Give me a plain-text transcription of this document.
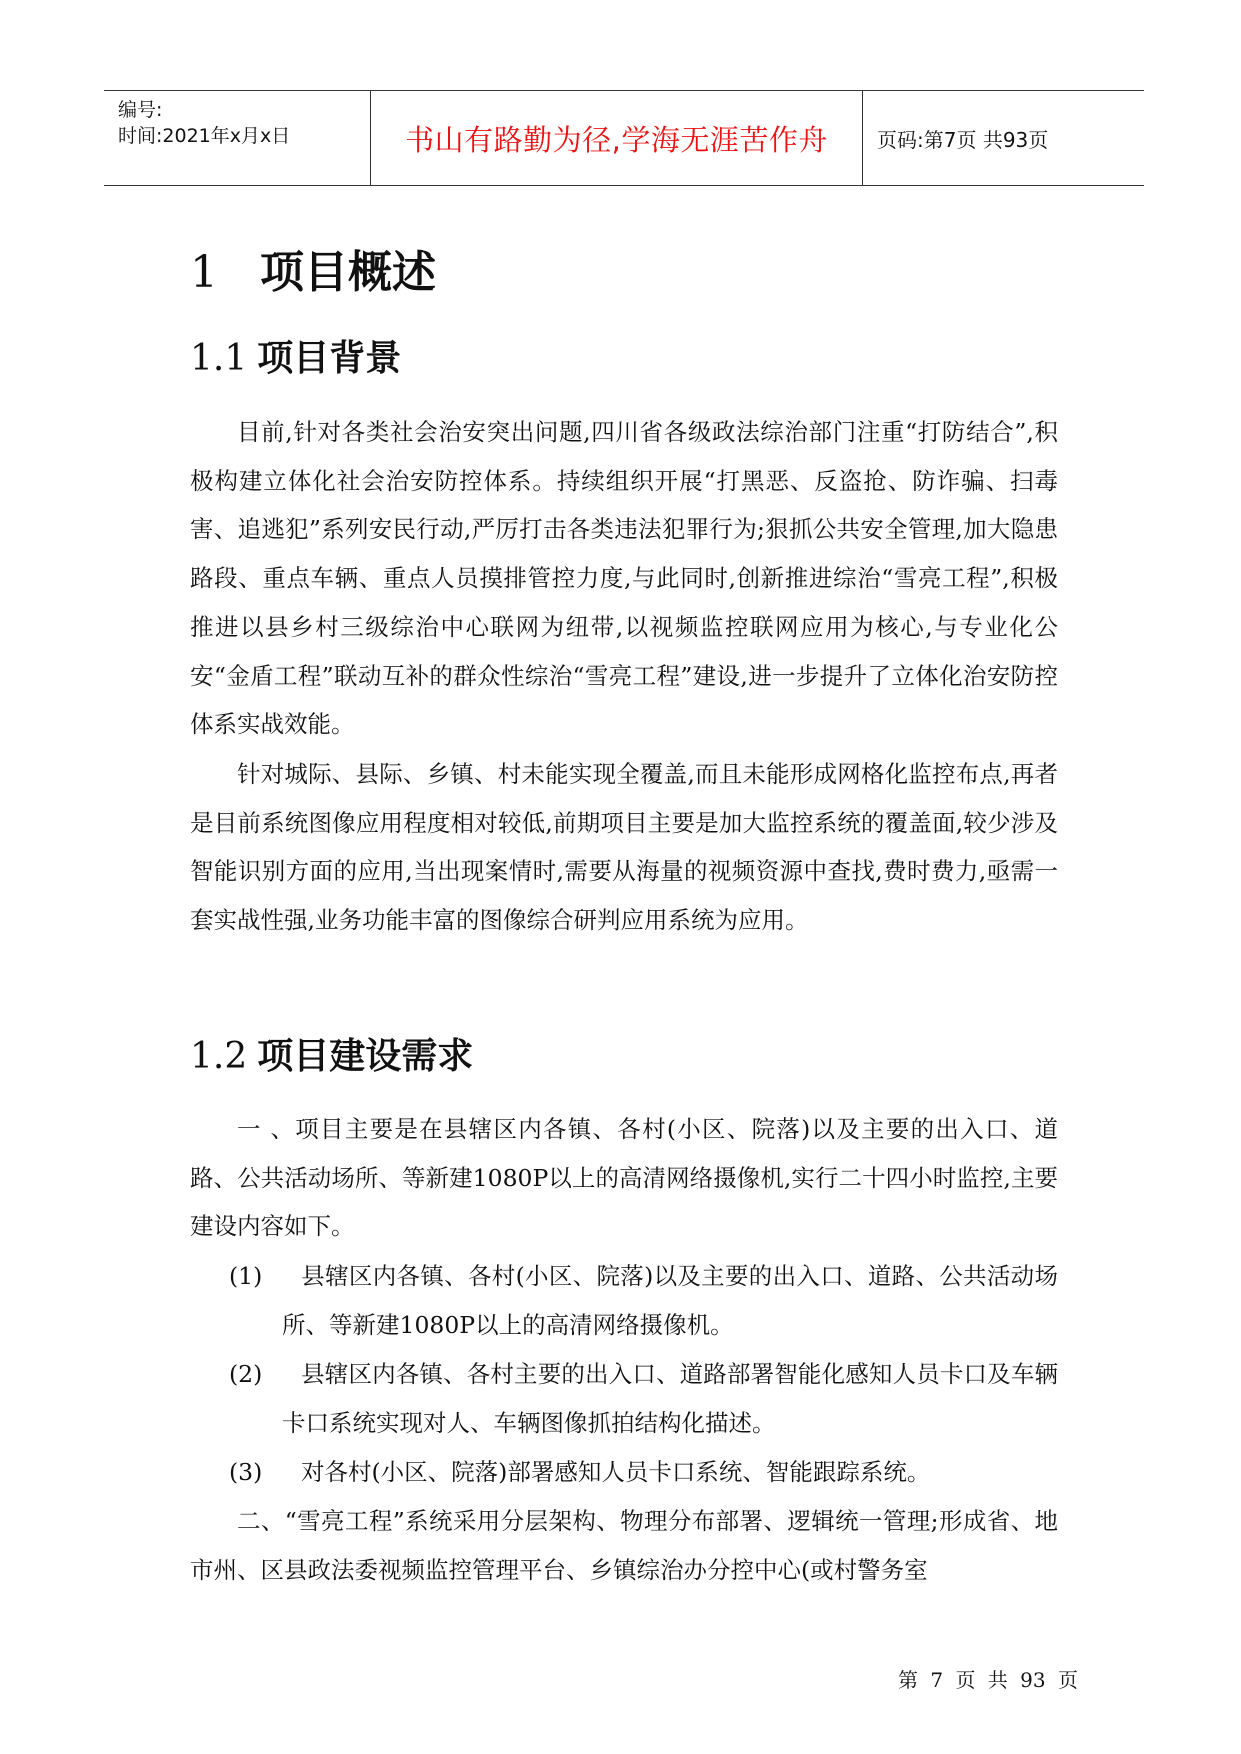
编号:
时间:2021年x月x日	书山有路勤为径,学海无涯苦作舟	页码:第7页 共93页
1 项目概述
1.1 项目背景

目前,针对各类社会治安突出问题,四川省各级政法综治部门注重“打防结合”,积极构建立体化社会治安防控体系。持续组织开展“打黑恶、反盗抢、防诈骗、扫毒害、追逃犯”系列安民行动,严厉打击各类违法犯罪行为;狠抓公共安全管理,加大隐患路段、重点车辆、重点人员摸排管控力度,与此同时,创新推进综治“雪亮工程”,积极推进以县乡村三级综治中心联网为纽带,以视频监控联网应用为核心,与专业化公安“金盾工程”联动互补的群众性综治“雪亮工程”建设,进一步提升了立体化治安防控体系实战效能。

针对城际、县际、乡镇、村未能实现全覆盖,而且未能形成网格化监控布点,再者是目前系统图像应用程度相对较低,前期项目主要是加大监控系统的覆盖面,较少涉及智能识别方面的应用,当出现案情时,需要从海量的视频资源中查找,费时费力,亟需一套实战性强,业务功能丰富的图像综合研判应用系统为应用。

1.2 项目建设需求

一 、项目主要是在县辖区内各镇、各村(小区、院落)以及主要的出入口、道路、公共活动场所、等新建1080P以上的高清网络摄像机,实行二十四小时监控,主要建设内容如下。

(1) 县辖区内各镇、各村(小区、院落)以及主要的出入口、道路、公共活动场所、等新建1080P以上的高清网络摄像机。

(2) 县辖区内各镇、各村主要的出入口、道路部署智能化感知人员卡口及车辆卡口系统实现对人、车辆图像抓拍结构化描述。

(3) 对各村(小区、院落)部署感知人员卡口系统、智能跟踪系统。

二、“雪亮工程”系统采用分层架构、物理分布部署、逻辑统一管理;形成省、地市州、区县政法委视频监控管理平台、乡镇综治办分控中心(或村警务室

第 7 页 共 93 页
